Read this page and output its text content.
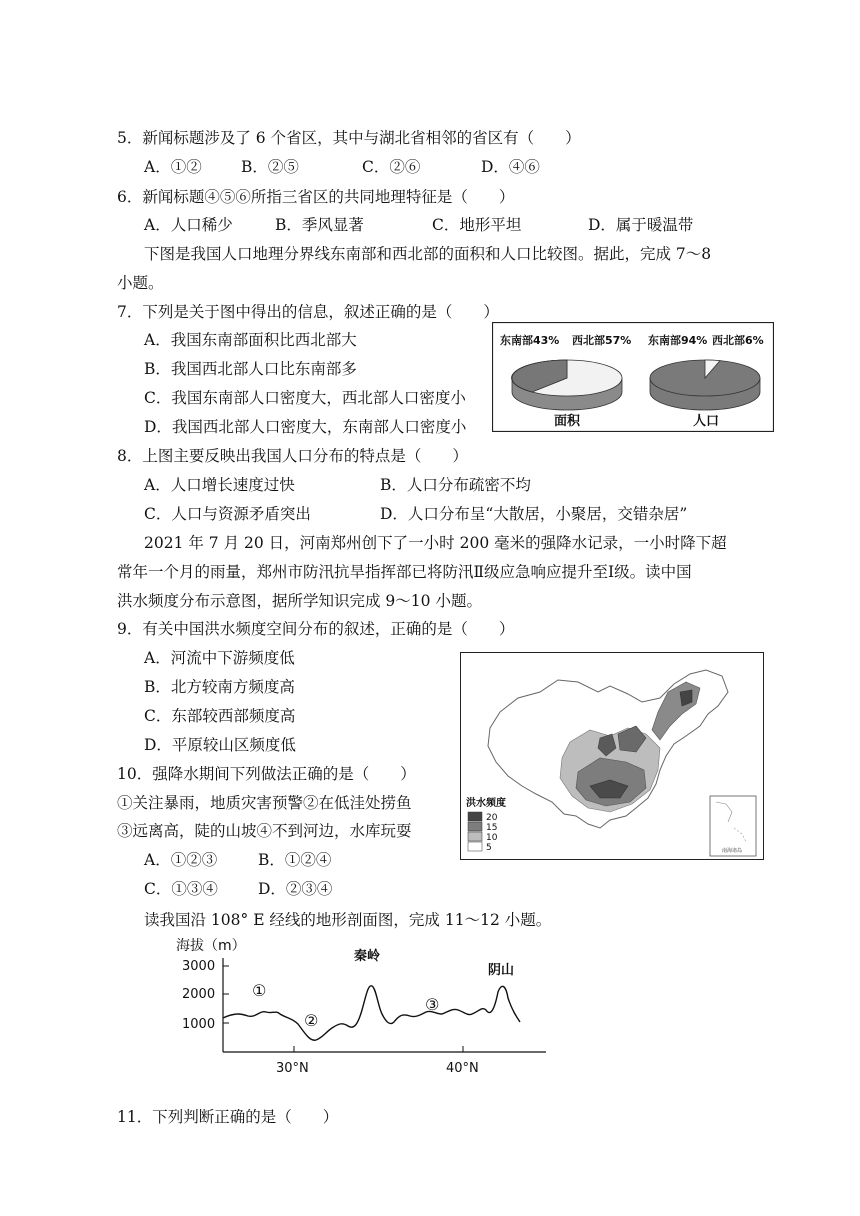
5．新闻标题涉及了 6 个省区，其中与湖北省相邻的省区有（　　）
A．①②	B．②⑤	C．②⑥	D．④⑥
6．新闻标题④⑤⑥所指三省区的共同地理特征是（　　）
A．人口稀少	B．季风显著	C．地形平坦	D．属于暖温带
下图是我国人口地理分界线东南部和西北部的面积和人口比较图。据此，完成 7～8
小题。
7．下列是关于图中得出的信息，叙述正确的是（　　）
A．我国东南部面积比西北部大
B．我国西北部人口比东南部多
C．我国东南部人口密度大，西北部人口密度小
D．我国西北部人口密度大，东南部人口密度小
东南部43% 西北部57%
面积
东南部94% 西北部6%
人口
8．上图主要反映出我国人口分布的特点是（　　）
A．人口增长速度过快	B．人口分布疏密不均
C．人口与资源矛盾突出	D．人口分布呈“大散居，小聚居，交错杂居”
2021 年 7 月 20 日，河南郑州创下了一小时 200 毫米的强降水记录，一小时降下超
常年一个月的雨量，郑州市防汛抗旱指挥部已将防汛Ⅱ级应急响应提升至Ⅰ级。读中国
洪水频度分布示意图，据所学知识完成 9～10 小题。
9．有关中国洪水频度空间分布的叙述，正确的是（　　）
A．河流中下游频度低
B．北方较南方频度高
C．东部较西部频度高
D．平原较山区频度低
10．强降水期间下列做法正确的是（　　）
①关注暴雨，地质灾害预警②在低洼处捞鱼
③远离高，陡的山坡④不到河边，水库玩耍
A．①②③	B．①②④
C．①③④	D．②③④
洪水频度
20
15
10
5	南海诸岛
读我国沿 108° E 经线的地形剖面图，完成 11～12 小题。
海拔（m）
3000
2000
1000
①
②
③
秦岭
阴山
30°N	40°N
11．下列判断正确的是（　　）
